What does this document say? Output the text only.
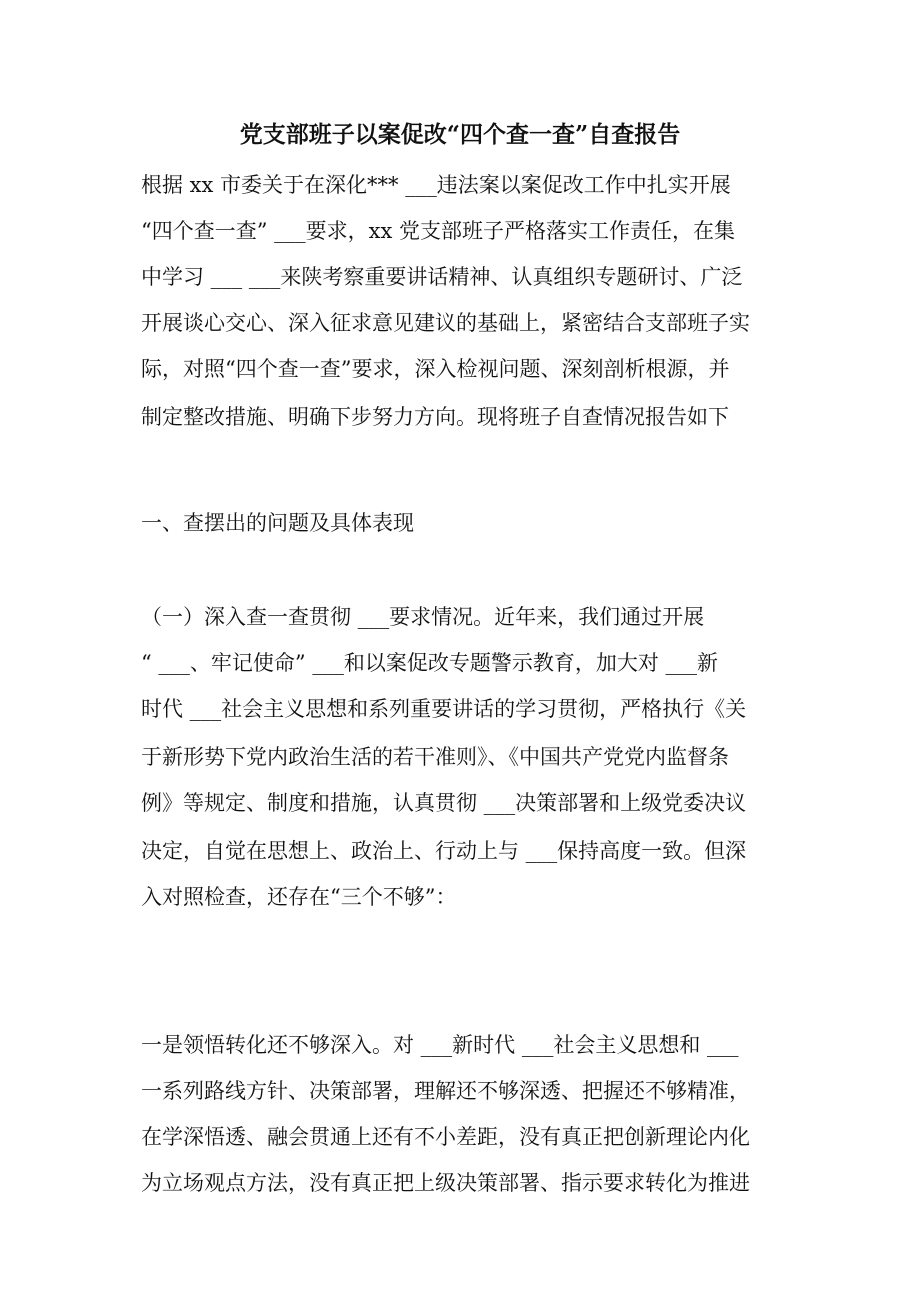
党支部班子以案促改“四个查一查”自查报告

根据 xx 市委关于在深化*** ___违法案以案促改工作中扎实开展

“四个查一查” ___要求，xx 党支部班子严格落实工作责任，在集

中学习 ___ ___来陕考察重要讲话精神、认真组织专题研讨、广泛

开展谈心交心、深入征求意见建议的基础上，紧密结合支部班子实

际，对照“四个查一查”要求，深入检视问题、深刻剖析根源，并

制定整改措施、明确下步努力方向。现将班子自查情况报告如下

一、查摆出的问题及具体表现

（一）深入查一查贯彻 ___要求情况。近年来，我们通过开展

“ ___、牢记使命” ___和以案促改专题警示教育，加大对 ___新

时代 ___社会主义思想和系列重要讲话的学习贯彻，严格执行《关

于新形势下党内政治生活的若干准则》、《中国共产党党内监督条

例》等规定、制度和措施，认真贯彻 ___决策部署和上级党委决议

决定，自觉在思想上、政治上、行动上与 ___保持高度一致。但深

入对照检查，还存在“三个不够”：

一是领悟转化还不够深入。对 ___新时代 ___社会主义思想和 ___

一系列路线方针、决策部署，理解还不够深透、把握还不够精准，

在学深悟透、融会贯通上还有不小差距，没有真正把创新理论内化

为立场观点方法，没有真正把上级决策部署、指示要求转化为推进
